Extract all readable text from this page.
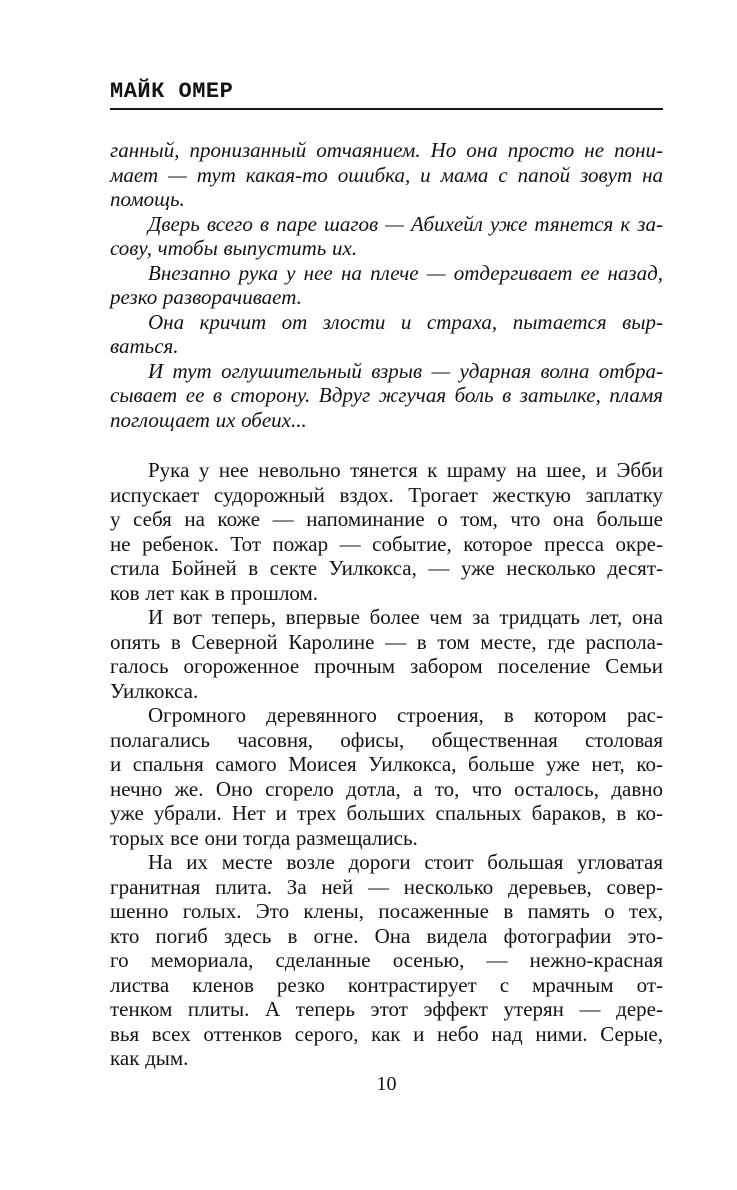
МАЙК ОМЕР

ганный, пронизанный отчаянием. Но она просто не пони-
мает — тут какая-то ошибка, и мама с папой зовут на
помощь.

Дверь всего в паре шагов — Абихейл уже тянется к за-
сову, чтобы выпустить их.

Внезапно рука у нее на плече — отдергивает ее назад,
резко разворачивает.

Она кричит от злости и страха, пытается выр-
ваться.

И тут оглушительный взрыв — ударная волна отбра-
сывает ее в сторону. Вдруг жгучая боль в затылке, пламя
поглощает их обеих...

Рука у нее невольно тянется к шраму на шее, и Эбби
испускает судорожный вздох. Трогает жесткую заплатку
у себя на коже — напоминание о том, что она больше
не ребенок. Тот пожар — событие, которое пресса окре-
стила Бойней в секте Уилкокса, — уже несколько десят-
ков лет как в прошлом.

И вот теперь, впервые более чем за тридцать лет, она
опять в Северной Каролине — в том месте, где распола-
галось огороженное прочным забором поселение Семьи
Уилкокса.

Огромного деревянного строения, в котором рас-
полагались часовня, офисы, общественная столовая
и спальня самого Моисея Уилкокса, больше уже нет, ко-
нечно же. Оно сгорело дотла, а то, что осталось, давно
уже убрали. Нет и трех больших спальных бараков, в ко-
торых все они тогда размещались.

На их месте возле дороги стоит большая угловатая
гранитная плита. За ней — несколько деревьев, совер-
шенно голых. Это клены, посаженные в память о тех,
кто погиб здесь в огне. Она видела фотографии это-
го мемориала, сделанные осенью, — нежно-красная
листва кленов резко контрастирует с мрачным от-
тенком плиты. А теперь этот эффект утерян — дере-
вья всех оттенков серого, как и небо над ними. Серые,
как дым.

10
